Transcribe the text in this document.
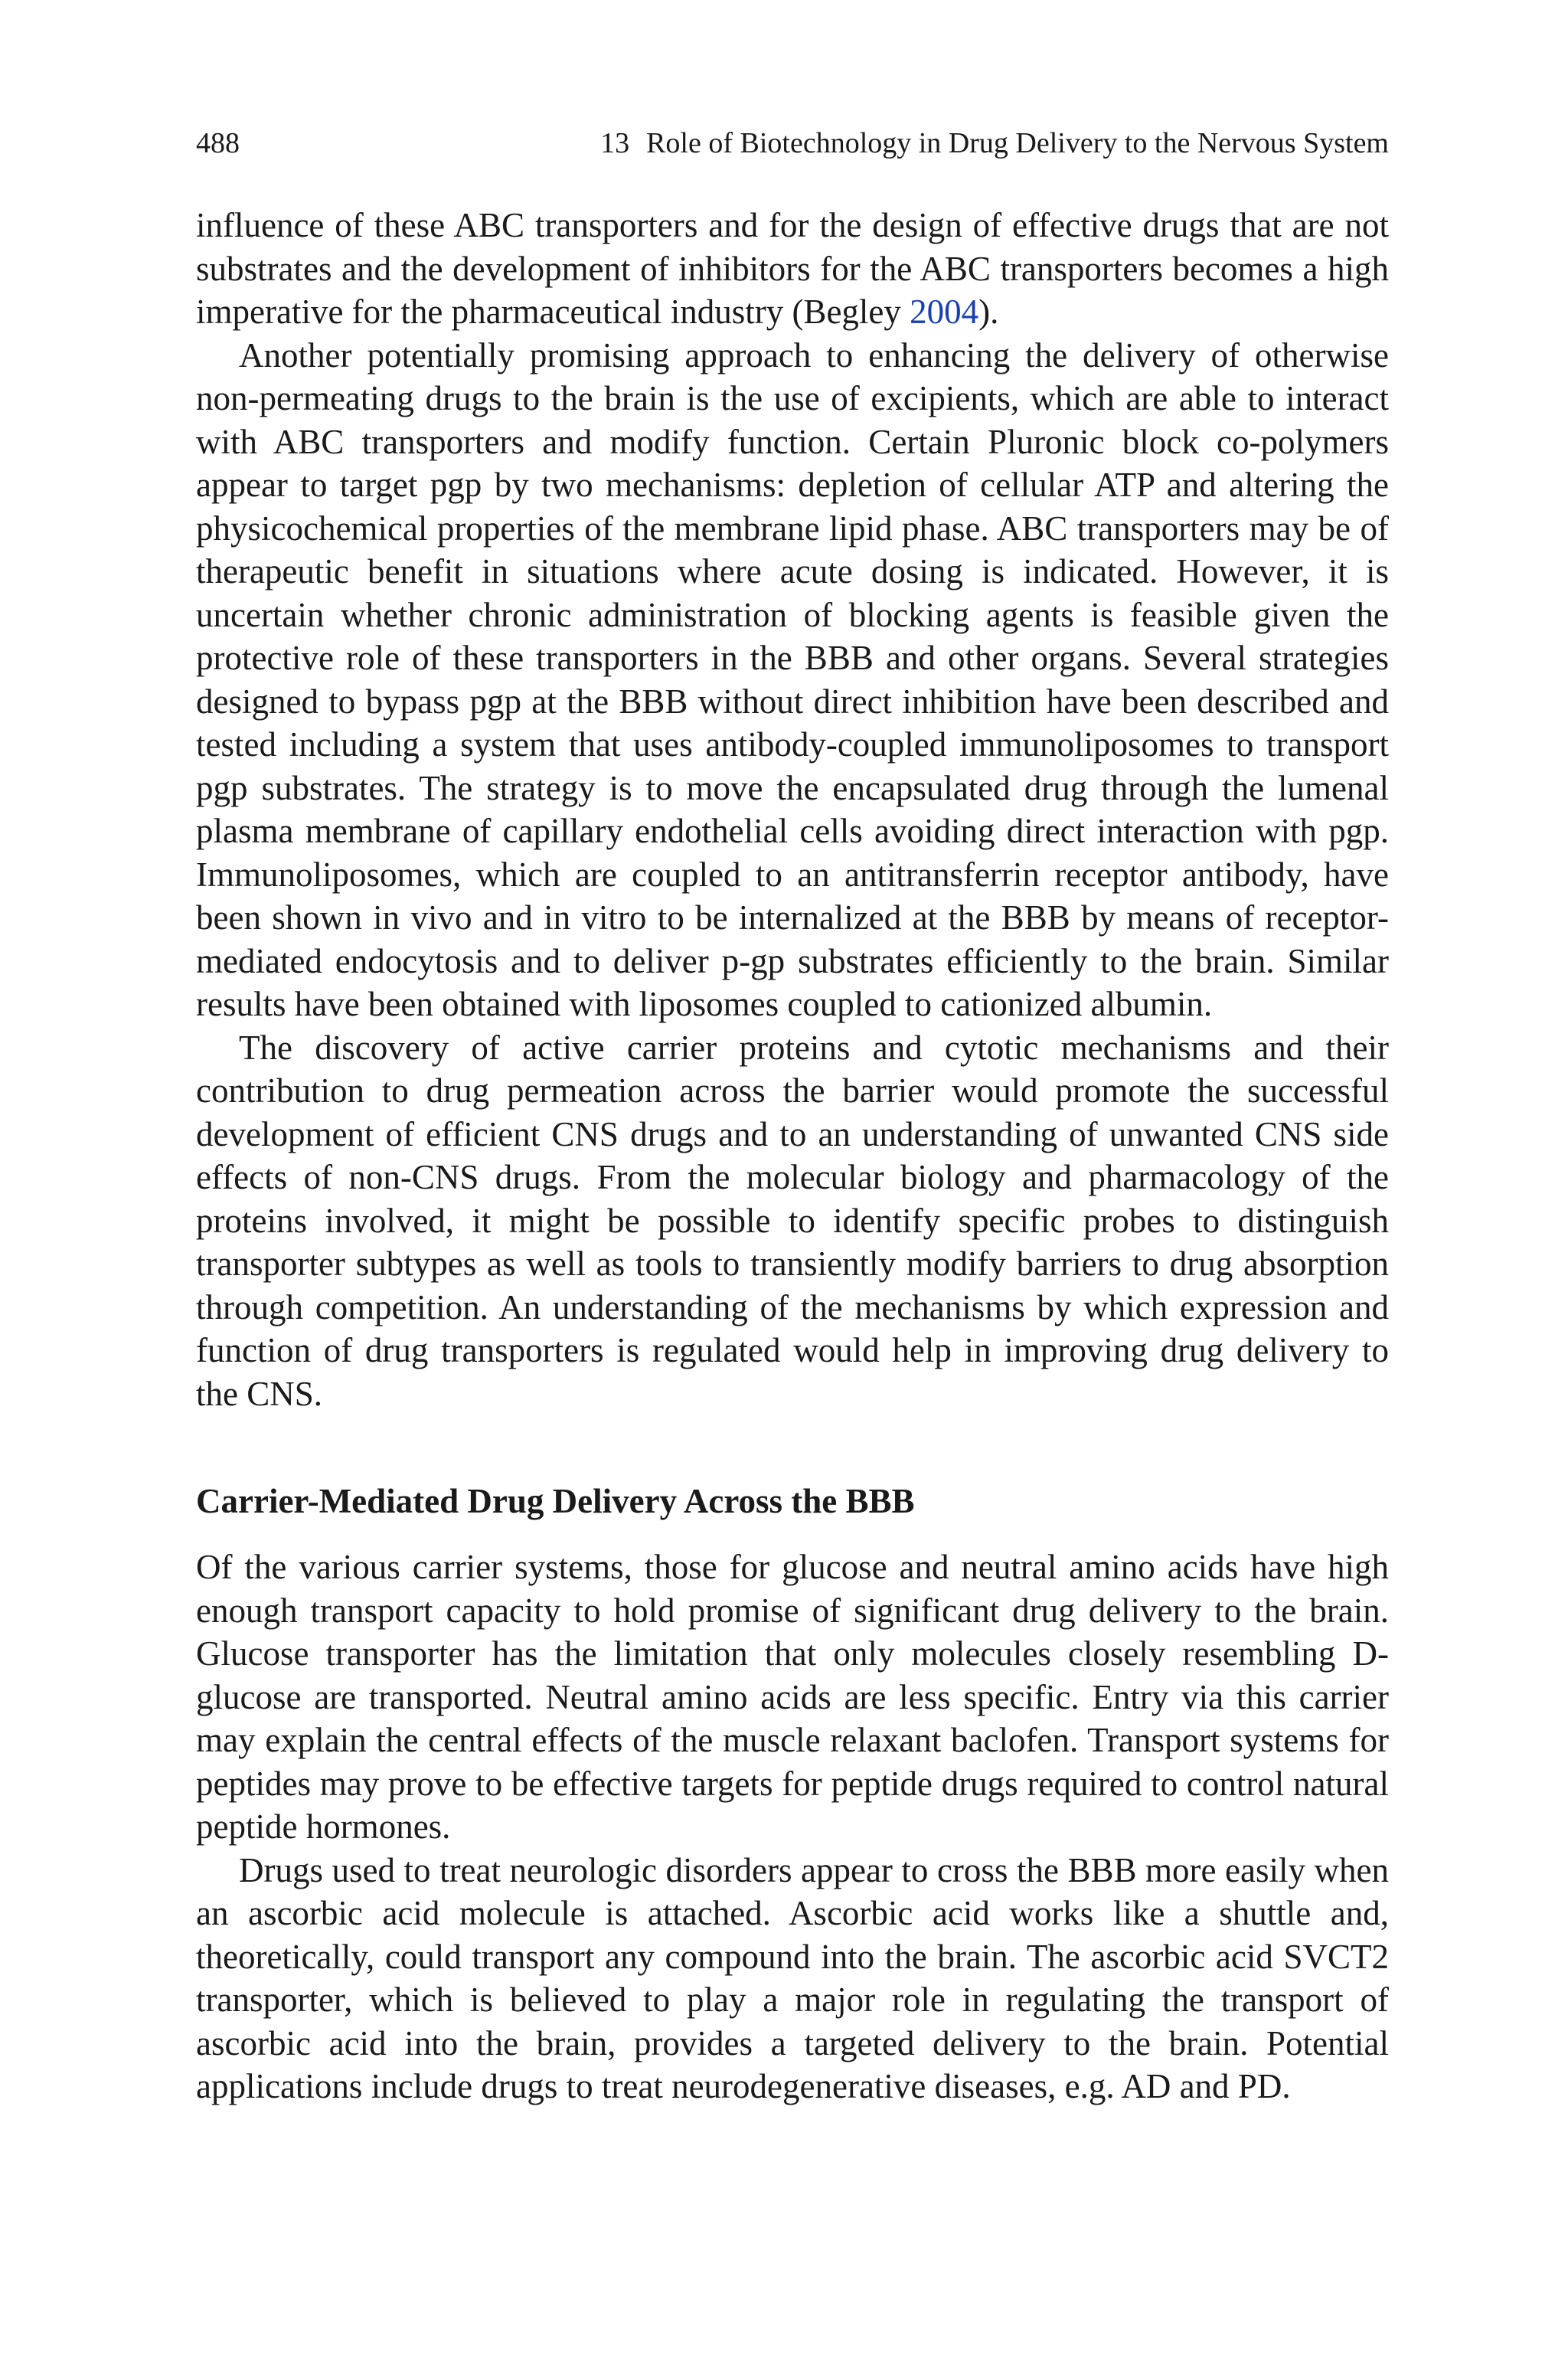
488	13 Role of Biotechnology in Drug Delivery to the Nervous System

influence of these ABC transporters and for the design of effective drugs that are not substrates and the development of inhibitors for the ABC transporters becomes a high imperative for the pharmaceutical industry (Begley 2004).

Another potentially promising approach to enhancing the delivery of otherwise non-permeating drugs to the brain is the use of excipients, which are able to interact with ABC transporters and modify function. Certain Pluronic block co-polymers appear to target pgp by two mechanisms: depletion of cellular ATP and altering the physicochemical properties of the membrane lipid phase. ABC transporters may be of therapeutic benefit in situations where acute dosing is indicated. However, it is uncertain whether chronic administration of blocking agents is feasible given the protective role of these transporters in the BBB and other organs. Several strategies designed to bypass pgp at the BBB without direct inhibition have been described and tested including a system that uses antibody-coupled immunoliposomes to transport pgp substrates. The strategy is to move the encapsulated drug through the lumenal plasma membrane of capillary endothelial cells avoiding direct interaction with pgp. Immunoliposomes, which are coupled to an antitransferrin receptor antibody, have been shown in vivo and in vitro to be internalized at the BBB by means of receptor-mediated endocytosis and to deliver p-gp substrates efficiently to the brain. Similar results have been obtained with liposomes coupled to cationized albumin.

The discovery of active carrier proteins and cytotic mechanisms and their contribution to drug permeation across the barrier would promote the successful development of efficient CNS drugs and to an understanding of unwanted CNS side effects of non-CNS drugs. From the molecular biology and pharmacology of the proteins involved, it might be possible to identify specific probes to distinguish transporter subtypes as well as tools to transiently modify barriers to drug absorption through competition. An understanding of the mechanisms by which expression and function of drug transporters is regulated would help in improving drug delivery to the CNS.

Carrier-Mediated Drug Delivery Across the BBB

Of the various carrier systems, those for glucose and neutral amino acids have high enough transport capacity to hold promise of significant drug delivery to the brain. Glucose transporter has the limitation that only molecules closely resembling D-glucose are transported. Neutral amino acids are less specific. Entry via this carrier may explain the central effects of the muscle relaxant baclofen. Transport systems for peptides may prove to be effective targets for peptide drugs required to control natural peptide hormones.

Drugs used to treat neurologic disorders appear to cross the BBB more easily when an ascorbic acid molecule is attached. Ascorbic acid works like a shuttle and, theoretically, could transport any compound into the brain. The ascorbic acid SVCT2 transporter, which is believed to play a major role in regulating the transport of ascorbic acid into the brain, provides a targeted delivery to the brain. Potential applications include drugs to treat neurodegenerative diseases, e.g. AD and PD.
